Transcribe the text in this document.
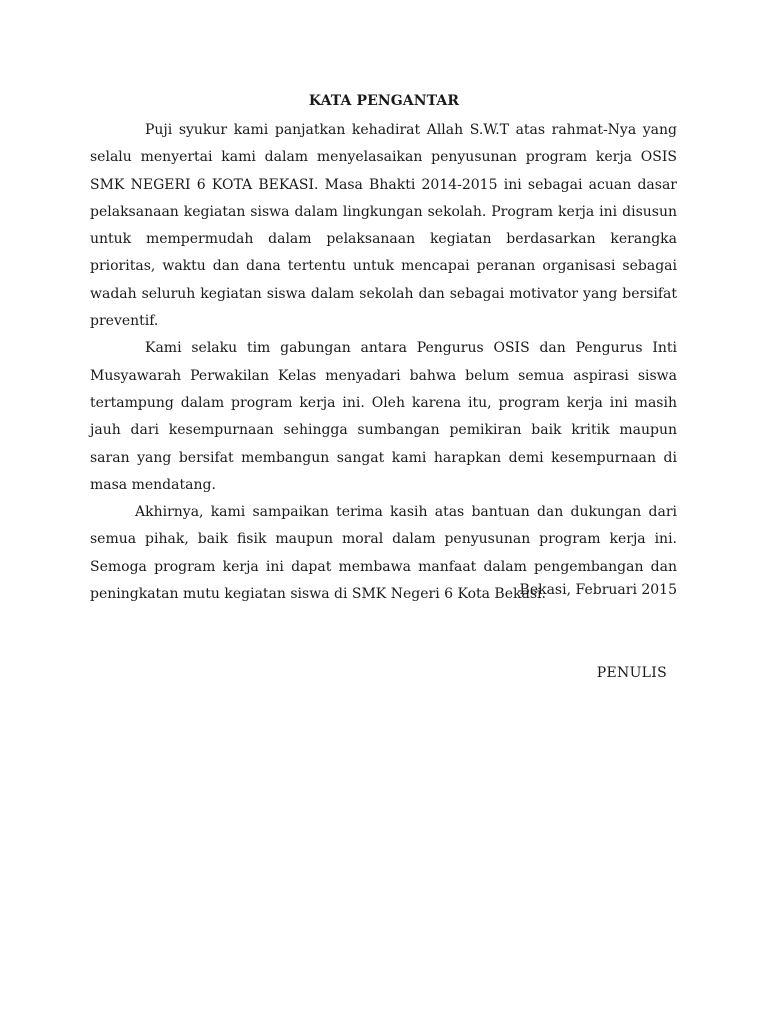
KATA PENGANTAR

Puji syukur kami panjatkan kehadirat Allah S.W.T atas rahmat-Nya yang selalu menyertai kami dalam menyelasaikan penyusunan program kerja OSIS SMK NEGERI 6 KOTA BEKASI. Masa Bhakti 2014-2015 ini sebagai acuan dasar pelaksanaan kegiatan siswa dalam lingkungan sekolah. Program kerja ini disusun untuk mempermudah dalam pelaksanaan kegiatan berdasarkan kerangka prioritas, waktu dan dana tertentu untuk mencapai peranan organisasi sebagai wadah seluruh kegiatan siswa dalam sekolah dan sebagai motivator yang bersifat preventif.

Kami selaku tim gabungan antara Pengurus OSIS dan Pengurus Inti Musyawarah Perwakilan Kelas menyadari bahwa belum semua aspirasi siswa tertampung dalam program kerja ini. Oleh karena itu, program kerja ini masih jauh dari kesempurnaan sehingga sumbangan pemikiran baik kritik maupun saran yang bersifat membangun sangat kami harapkan demi kesempurnaan di masa mendatang.

Akhirnya, kami sampaikan terima kasih atas bantuan dan dukungan dari semua pihak, baik fisik maupun moral dalam penyusunan program kerja ini. Semoga program kerja ini dapat membawa manfaat dalam pengembangan dan peningkatan mutu kegiatan siswa di SMK Negeri 6 Kota Bekasi.

Bekasi, Februari 2015
PENULIS
